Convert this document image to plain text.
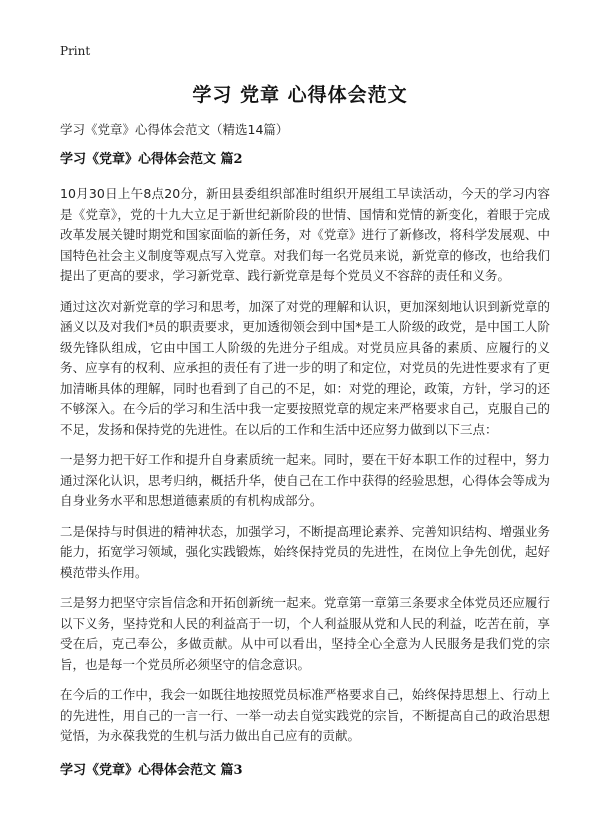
Print
学习 党章 心得体会范文
学习《党章》心得体会范文（精选14篇）
学习《党章》心得体会范文 篇2

10月30日上午8点20分，新田县委组织部准时组织开展组工早读活动，今天的学习内容是《党章》，党的十九大立足于新世纪新阶段的世情、国情和党情的新变化，着眼于完成改革发展关键时期党和国家面临的新任务，对《党章》进行了新修改，将科学发展观、中国特色社会主义制度等观点写入党章。对我们每一名党员来说，新党章的修改，也给我们提出了更高的要求，学习新党章、践行新党章是每个党员义不容辞的责任和义务。

通过这次对新党章的学习和思考，加深了对党的理解和认识，更加深刻地认识到新党章的涵义以及对我们*员的职责要求，更加透彻领会到中国*是工人阶级的政党，是中国工人阶级先锋队组成，它由中国工人阶级的先进分子组成。对党员应具备的素质、应履行的义务、应享有的权利、应承担的责任有了进一步的明了和定位，对党员的先进性要求有了更加清晰具体的理解，同时也看到了自己的不足，如：对党的理论，政策，方针，学习的还不够深入。在今后的学习和生活中我一定要按照党章的规定来严格要求自己，克服自己的不足，发扬和保持党的先进性。在以后的工作和生活中还应努力做到以下三点：

一是努力把干好工作和提升自身素质统一起来。同时，要在干好本职工作的过程中，努力通过深化认识，思考归纳，概括升华，使自己在工作中获得的经验思想，心得体会等成为自身业务水平和思想道德素质的有机构成部分。

二是保持与时俱进的精神状态，加强学习，不断提高理论素养、完善知识结构、增强业务能力，拓宽学习领域，强化实践锻炼，始终保持党员的先进性，在岗位上争先创优，起好模范带头作用。

三是努力把坚守宗旨信念和开拓创新统一起来。党章第一章第三条要求全体党员还应履行以下义务，坚持党和人民的利益高于一切，个人利益服从党和人民的利益，吃苦在前，享受在后，克己奉公，多做贡献。从中可以看出，坚持全心全意为人民服务是我们党的宗旨，也是每一个党员所必须坚守的信念意识。

在今后的工作中，我会一如既往地按照党员标准严格要求自己，始终保持思想上、行动上的先进性，用自己的一言一行、一举一动去自觉实践党的宗旨，不断提高自己的政治思想觉悟，为永葆我党的生机与活力做出自己应有的贡献。

学习《党章》心得体会范文 篇3
